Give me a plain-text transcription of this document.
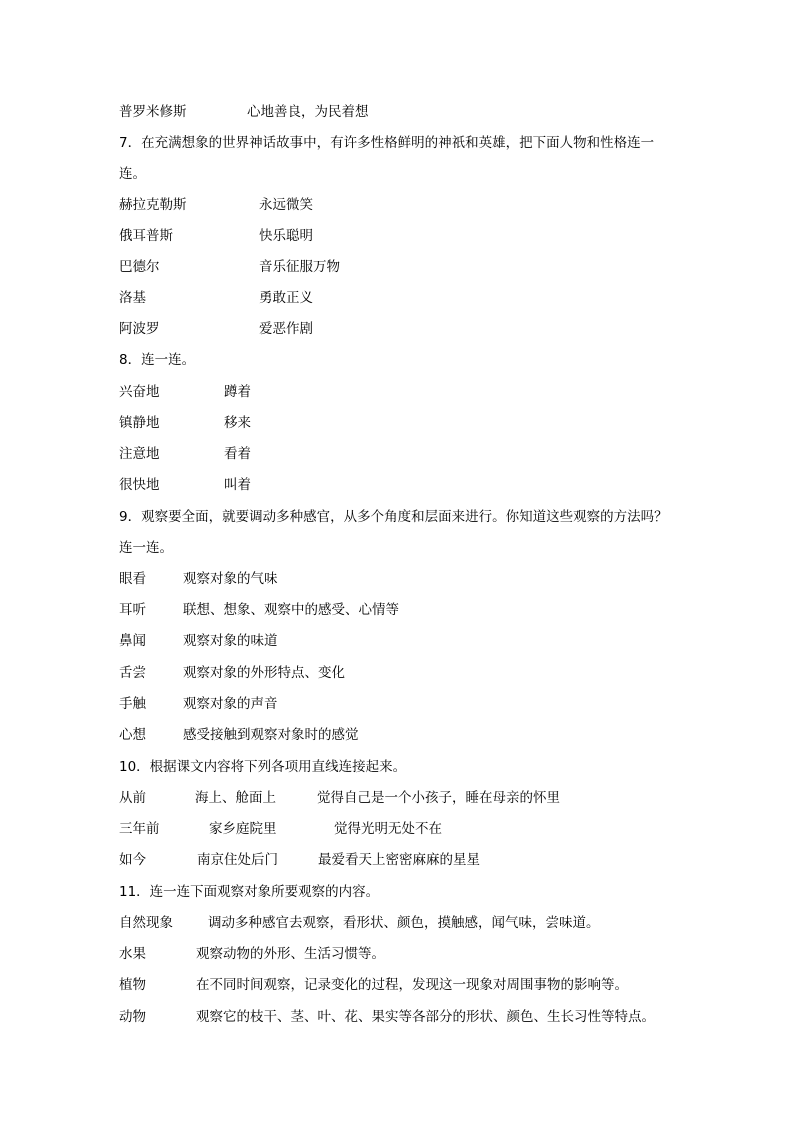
普罗米修斯	心地善良，为民着想
7．在充满想象的世界神话故事中，有许多性格鲜明的神祇和英雄，把下面人物和性格连一
连。
赫拉克勒斯	永远微笑
俄耳普斯	快乐聪明
巴德尔	音乐征服万物
洛基	勇敢正义
阿波罗	爱恶作剧
8．连一连。
兴奋地	蹲着
镇静地	移来
注意地	看着
很快地	叫着
9．观察要全面，就要调动多种感官，从多个角度和层面来进行。你知道这些观察的方法吗？
连一连。
眼看	观察对象的气味
耳听	联想、想象、观察中的感受、心情等
鼻闻	观察对象的味道
舌尝	观察对象的外形特点、变化
手触	观察对象的声音
心想	感受接触到观察对象时的感觉
10．根据课文内容将下列各项用直线连接起来。
从前	海上、舱面上	觉得自己是一个小孩子，睡在母亲的怀里
三年前	家乡庭院里	觉得光明无处不在
如今	南京住处后门	最爱看天上密密麻麻的星星
11．连一连下面观察对象所要观察的内容。
自然现象	调动多种感官去观察，看形状、颜色，摸触感，闻气味，尝味道。
水果	观察动物的外形、生活习惯等。
植物	在不同时间观察，记录变化的过程，发现这一现象对周围事物的影响等。
动物	观察它的枝干、茎、叶、花、果实等各部分的形状、颜色、生长习性等特点。
